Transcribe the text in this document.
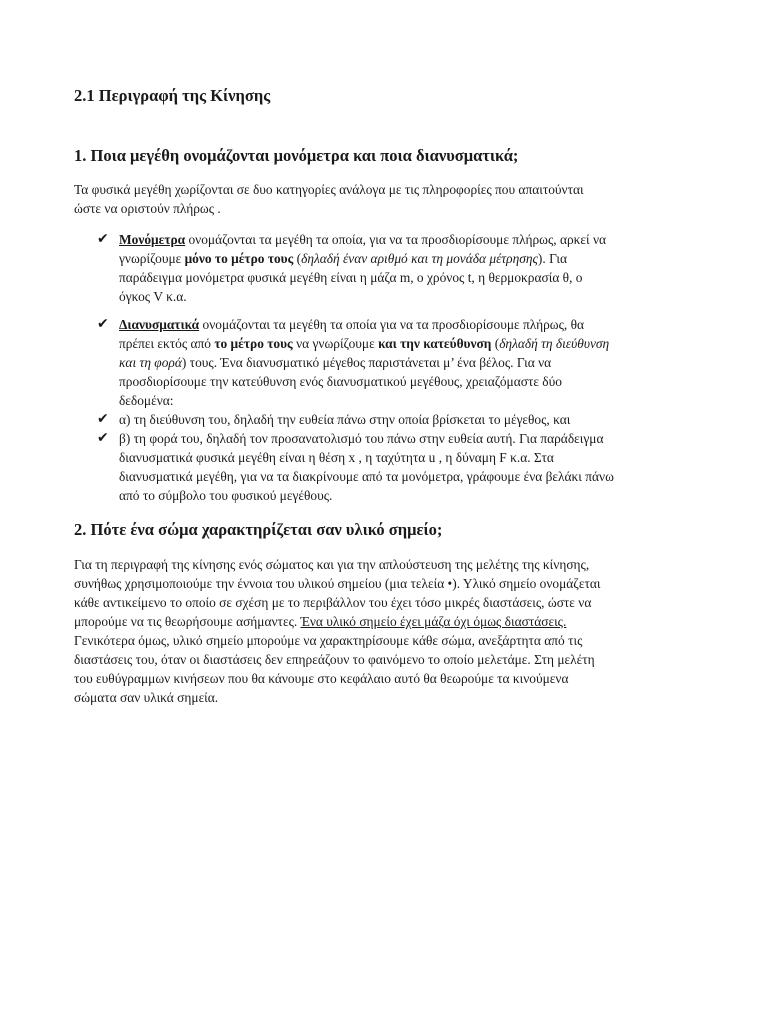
2.1 Περιγραφή της Κίνησης
1. Ποια μεγέθη ονομάζονται μονόμετρα και ποια διανυσματικά;

Τα φυσικά μεγέθη χωρίζονται σε δυο κατηγορίες ανάλογα με τις πληροφορίες που απαιτούνται
ώστε να οριστούν πλήρως .

✔ Μονόμετρα ονομάζονται τα μεγέθη τα οποία, για να τα προσδιορίσουμε πλήρως, αρκεί να
γνωρίζουμε μόνο το μέτρο τους (δηλαδή έναν αριθμό και τη μονάδα μέτρησης). Για
παράδειγμα μονόμετρα φυσικά μεγέθη είναι η μάζα m, ο χρόνος t, η θερμοκρασία θ, ο
όγκος V κ.α.
✔ Διανυσματικά ονομάζονται τα μεγέθη τα οποία για να τα προσδιορίσουμε πλήρως, θα
πρέπει εκτός από το μέτρο τους να γνωρίζουμε και την κατεύθυνση (δηλαδή τη διεύθυνση
και τη φορά) τους. Ένα διανυσματικό μέγεθος παριστάνεται μ’ ένα βέλος. Για να
προσδιορίσουμε την κατεύθυνση ενός διανυσματικού μεγέθους, χρειαζόμαστε δύο
δεδομένα:
✔ α) τη διεύθυνση του, δηλαδή την ευθεία πάνω στην οποία βρίσκεται το μέγεθος, και
✔ β) τη φορά του, δηλαδή τον προσανατολισμό του πάνω στην ευθεία αυτή. Για παράδειγμα
διανυσματικά φυσικά μεγέθη είναι η θέση x , η ταχύτητα u , η δύναμη F κ.α. Στα
διανυσματικά μεγέθη, για να τα διακρίνουμε από τα μονόμετρα, γράφουμε ένα βελάκι πάνω
από το σύμβολο του φυσικού μεγέθους.
2. Πότε ένα σώμα χαρακτηρίζεται σαν υλικό σημείο;

Για τη περιγραφή της κίνησης ενός σώματος και για την απλούστευση της μελέτης της κίνησης,
συνήθως χρησιμοποιούμε την έννοια του υλικού σημείου (μια τελεία •). Υλικό σημείο ονομάζεται
κάθε αντικείμενο το οποίο σε σχέση με το περιβάλλον του έχει τόσο μικρές διαστάσεις, ώστε να
μπορούμε να τις θεωρήσουμε ασήμαντες. Ένα υλικό σημείο έχει μάζα όχι όμως διαστάσεις.
Γενικότερα όμως, υλικό σημείο μπορούμε να χαρακτηρίσουμε κάθε σώμα, ανεξάρτητα από τις
διαστάσεις του, όταν οι διαστάσεις δεν επηρεάζουν το φαινόμενο το οποίο μελετάμε. Στη μελέτη
του ευθύγραμμων κινήσεων που θα κάνουμε στο κεφάλαιο αυτό θα θεωρούμε τα κινούμενα
σώματα σαν υλικά σημεία.
